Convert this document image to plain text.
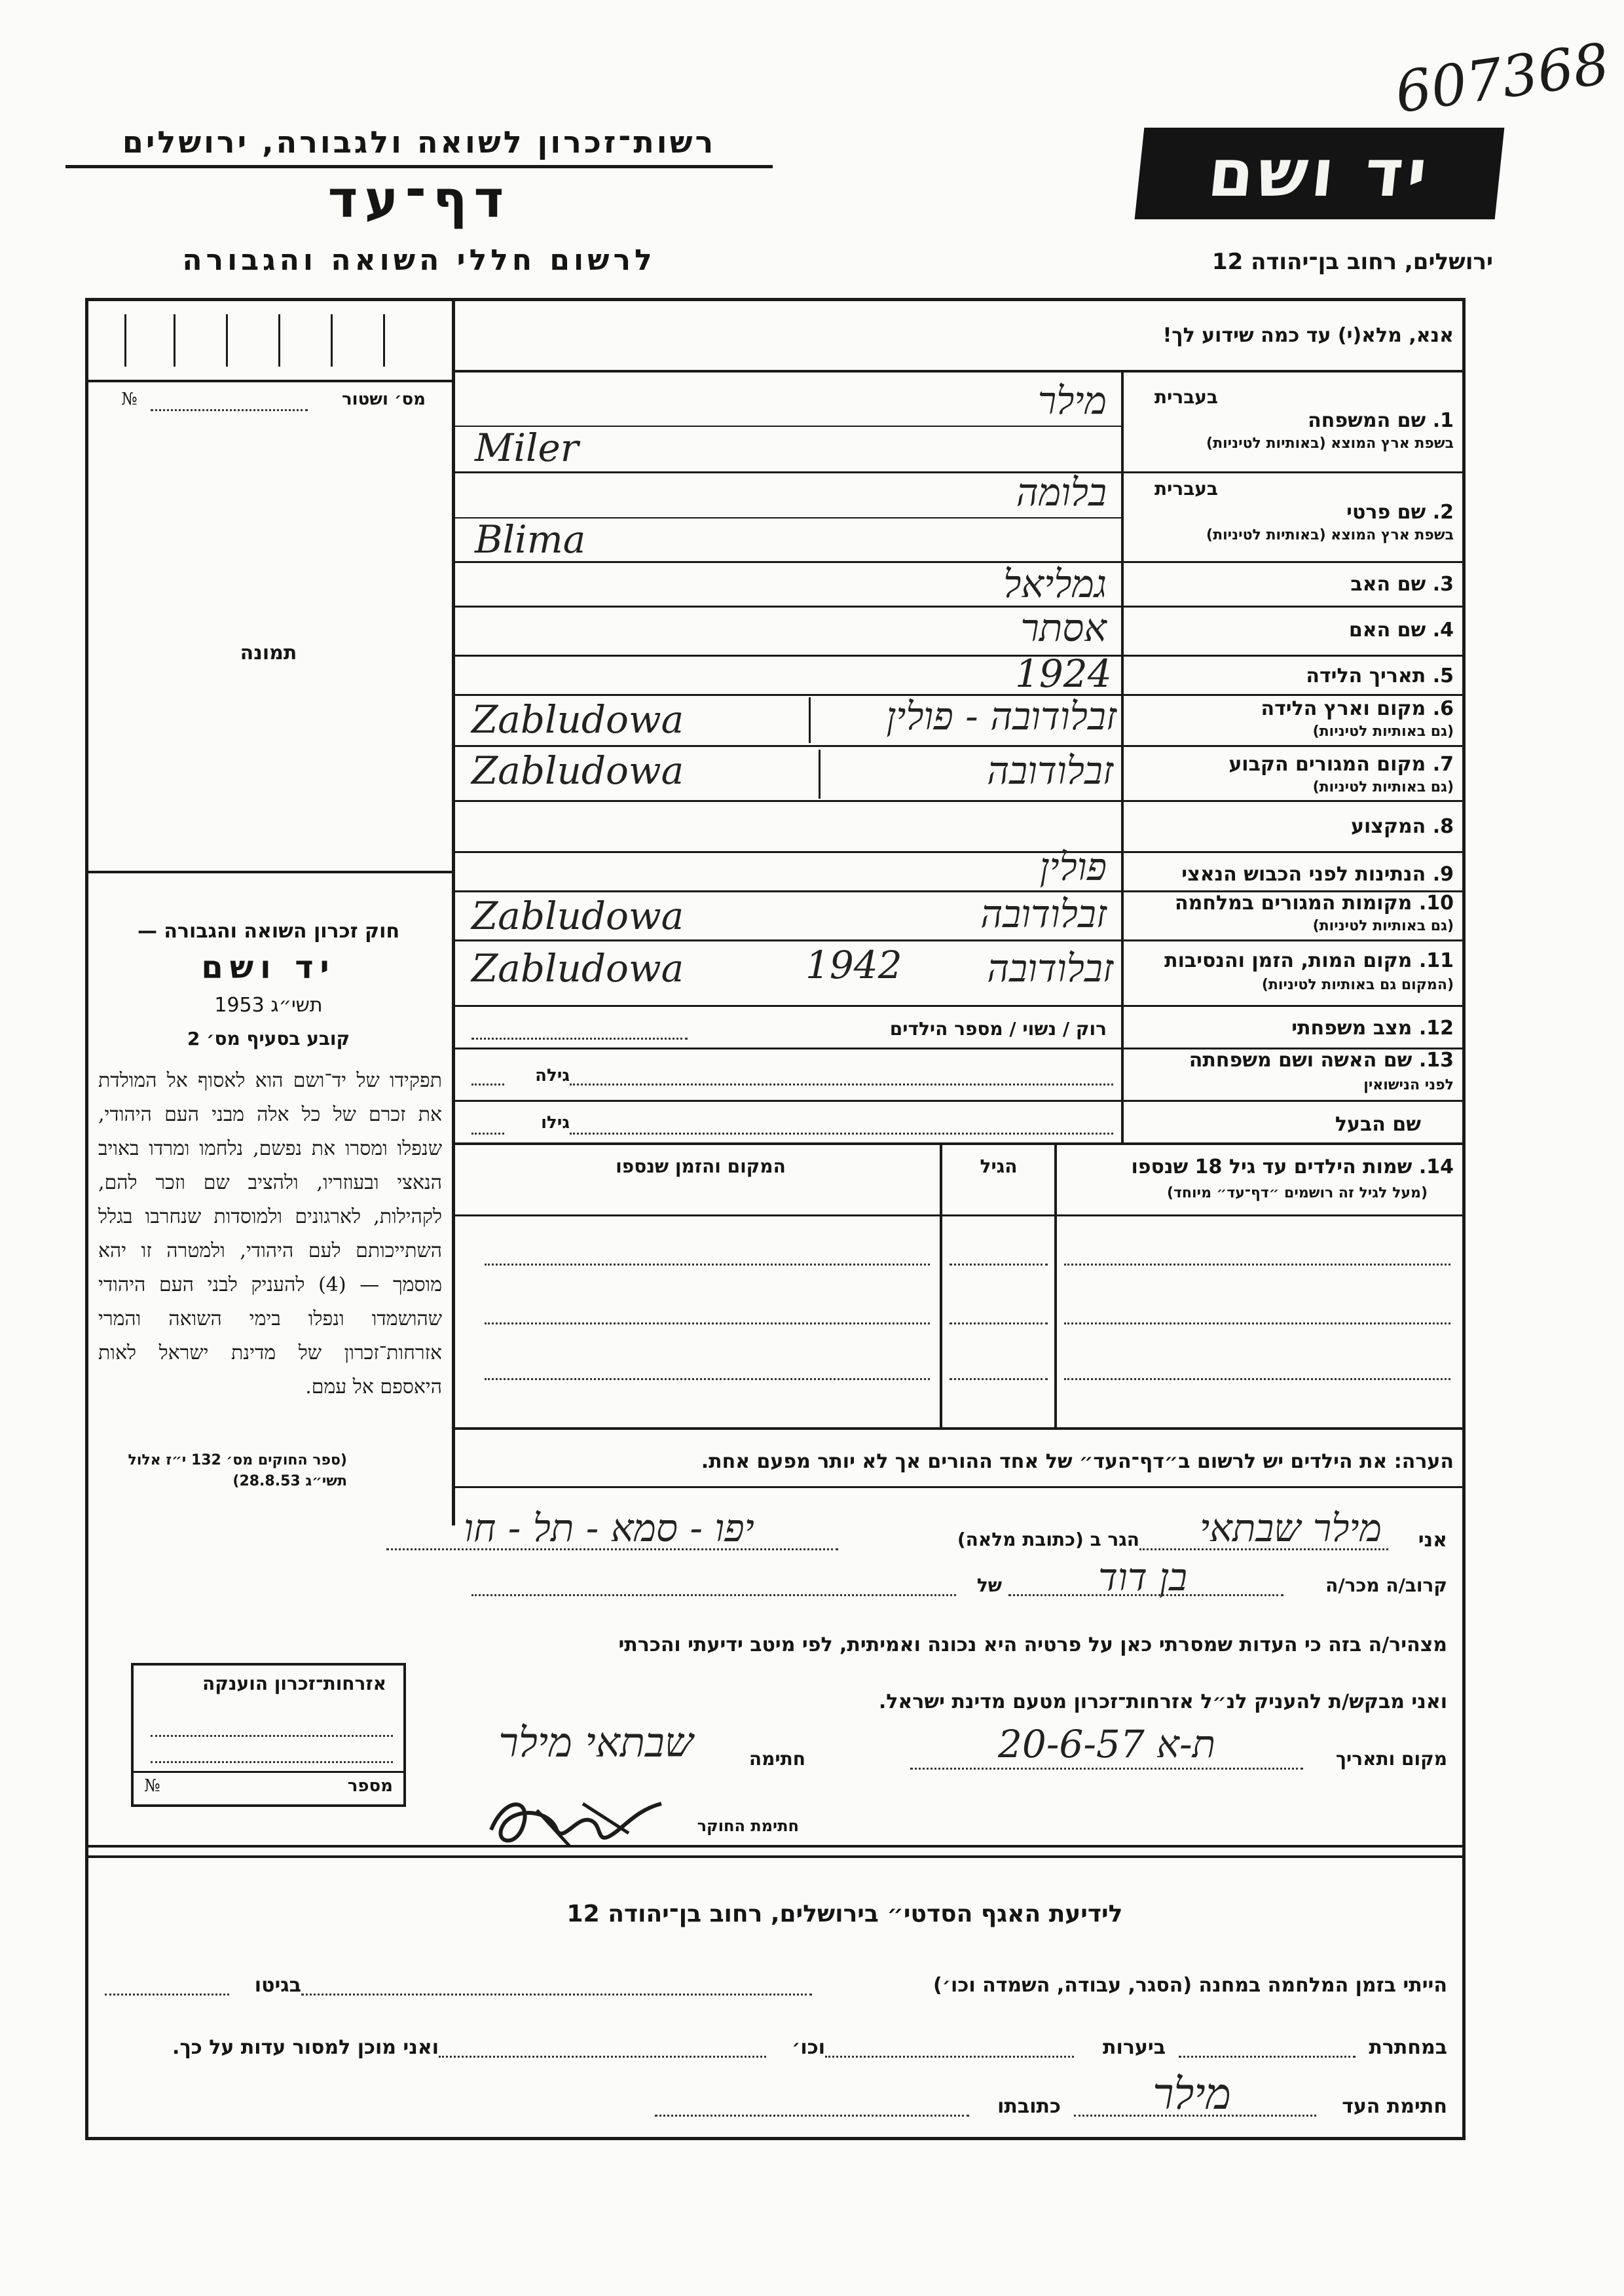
607368
רשות־זכרון לשואה ולגבורה, ירושלים
דף־עד
לרשום חללי השואה והגבורה
יד ושם
ירושלים, רחוב בן־יהודה 12
מס׳ ושטור
№
תמונה
אנא, מלא(י) עד כמה שידוע לך!
בעברית
1. שם המשפחה
בשפת ארץ המוצא (באותיות לטיניות)
מילר
Miler
בעברית
2. שם פרטי
בשפת ארץ המוצא (באותיות לטיניות)
בלומה
Blima
3. שם האב
גמליאל
4. שם האם
אסתר
5. תאריך הלידה
1924
6. מקום וארץ הלידה
(גם באותיות לטיניות)
Zabludowa	זבלודובה - פולין
7. מקום המגורים הקבוע
(גם באותיות לטיניות)
Zabludowa	זבלודובה
8. המקצוע
9. הנתינות לפני הכבוש הנאצי
פולין
10. מקומות המגורים במלחמה
(גם באותיות לטיניות)
Zabludowa	זבלודובה
11. מקום המות, הזמן והנסיבות
(המקום גם באותיות לטיניות)
Zabludowa	1942	זבלודובה
12. מצב משפחתי
רוק / נשוי / מספר הילדים
13. שם האשה ושם משפחתה
לפני הנישואין
גילה
שם הבעל
גילו
חוק זכרון השואה והגבורה —
יד ושם
תשי״ג 1953
קובע בסעיף מס׳ 2
תפקידו של יד־ושם הוא לאסוף אל המולדת את זכרם של כל אלה מבני העם היהודי, שנפלו ומסרו את נפשם, נלחמו ומרדו באויב הנאצי ובעוזריו, ולהציב שם וזכר להם, לקהילות, לארגונים ולמוסדות שנחרבו בגלל השתייכותם לעם היהודי, ולמטרה זו יהא מוסמך — (4) להעניק לבני העם היהודי שהושמדו ונפלו בימי השואה והמרי אזרחות־זכרון של מדינת ישראל לאות היאספם אל עמם.
(ספר החוקים מס׳ 132 י״ז אלול תשי״ג 28.8.53)
14. שמות הילדים עד גיל 18 שנספו
(מעל לגיל זה רושמים ״דף־עד״ מיוחד)
הגיל
המקום והזמן שנספו
הערה: את הילדים יש לרשום ב״דף־העד״ של אחד ההורים אך לא יותר מפעם אחת.
אני
מילר שבתאי
הגר ב (כתובת מלאה)
יפו - סמא - תל - חו
קרוב/ה מכר/ה
בן דוד
של
מצהיר/ה בזה כי העדות שמסרתי כאן על פרטיה היא נכונה ואמיתית, לפי מיטב ידיעתי והכרתי
ואני מבקש/ת להעניק לנ״ל אזרחות־זכרון מטעם מדינת ישראל.
מקום ותאריך
ת-א 20-6-57
חתימה
שבתאי מילר
חתימת החוקר
אזרחות־זכרון הוענקה
מספר
№
לידיעת האגף הסדטי״ בירושלים, רחוב בן־יהודה 12
הייתי בזמן המלחמה במחנה (הסגר, עבודה, השמדה וכו׳)
בגיטו
במחתרת
ביערות
וכו׳
ואני מוכן למסור עדות על כך.
חתימת העד
מילר
כתובתו
